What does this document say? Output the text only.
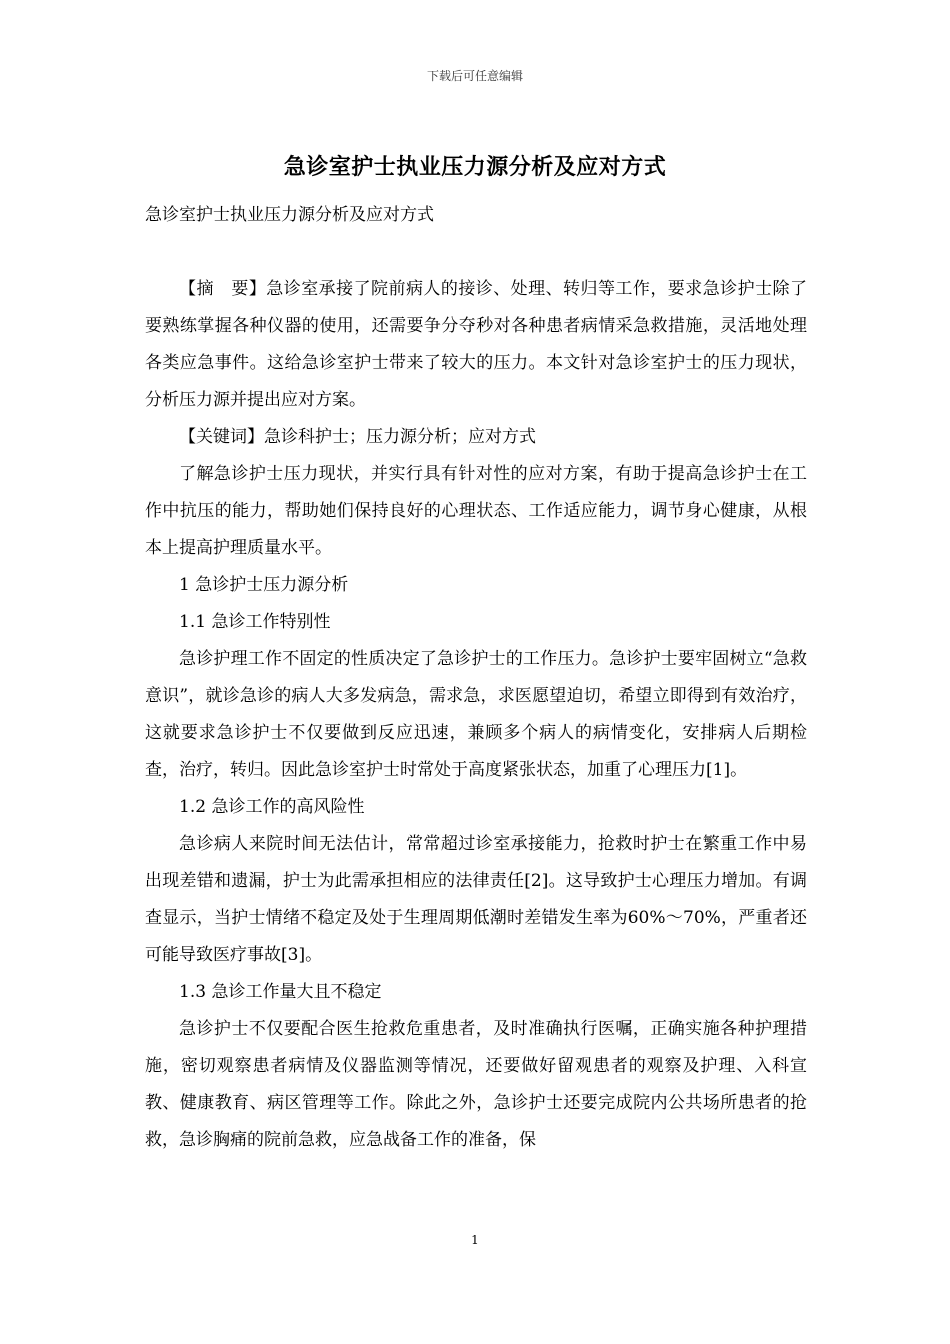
下载后可任意编辑
急诊室护士执业压力源分析及应对方式
急诊室护士执业压力源分析及应对方式

【摘　要】急诊室承接了院前病人的接诊、处理、转归等工作，要求急诊护士除了要熟练掌握各种仪器的使用，还需要争分夺秒对各种患者病情采急救措施，灵活地处理各类应急事件。这给急诊室护士带来了较大的压力。本文针对急诊室护士的压力现状，分析压力源并提出应对方案。

【关键词】急诊科护士；压力源分析；应对方式

了解急诊护士压力现状，并实行具有针对性的应对方案，有助于提高急诊护士在工作中抗压的能力，帮助她们保持良好的心理状态、工作适应能力，调节身心健康，从根本上提高护理质量水平。

1 急诊护士压力源分析

1.1 急诊工作特别性

急诊护理工作不固定的性质决定了急诊护士的工作压力。急诊护士要牢固树立“急救意识”，就诊急诊的病人大多发病急，需求急，求医愿望迫切，希望立即得到有效治疗，这就要求急诊护士不仅要做到反应迅速，兼顾多个病人的病情变化，安排病人后期检查，治疗，转归。因此急诊室护士时常处于高度紧张状态，加重了心理压力[1]。

1.2 急诊工作的高风险性

急诊病人来院时间无法估计，常常超过诊室承接能力，抢救时护士在繁重工作中易出现差错和遗漏，护士为此需承担相应的法律责任[2]。这导致护士心理压力增加。有调查显示，当护士情绪不稳定及处于生理周期低潮时差错发生率为60%～70%，严重者还可能导致医疗事故[3]。

1.3 急诊工作量大且不稳定

急诊护士不仅要配合医生抢救危重患者，及时准确执行医嘱，正确实施各种护理措施，密切观察患者病情及仪器监测等情况，还要做好留观患者的观察及护理、入科宣教、健康教育、病区管理等工作。除此之外，急诊护士还要完成院内公共场所患者的抢救，急诊胸痛的院前急救，应急战备工作的准备，保

1
